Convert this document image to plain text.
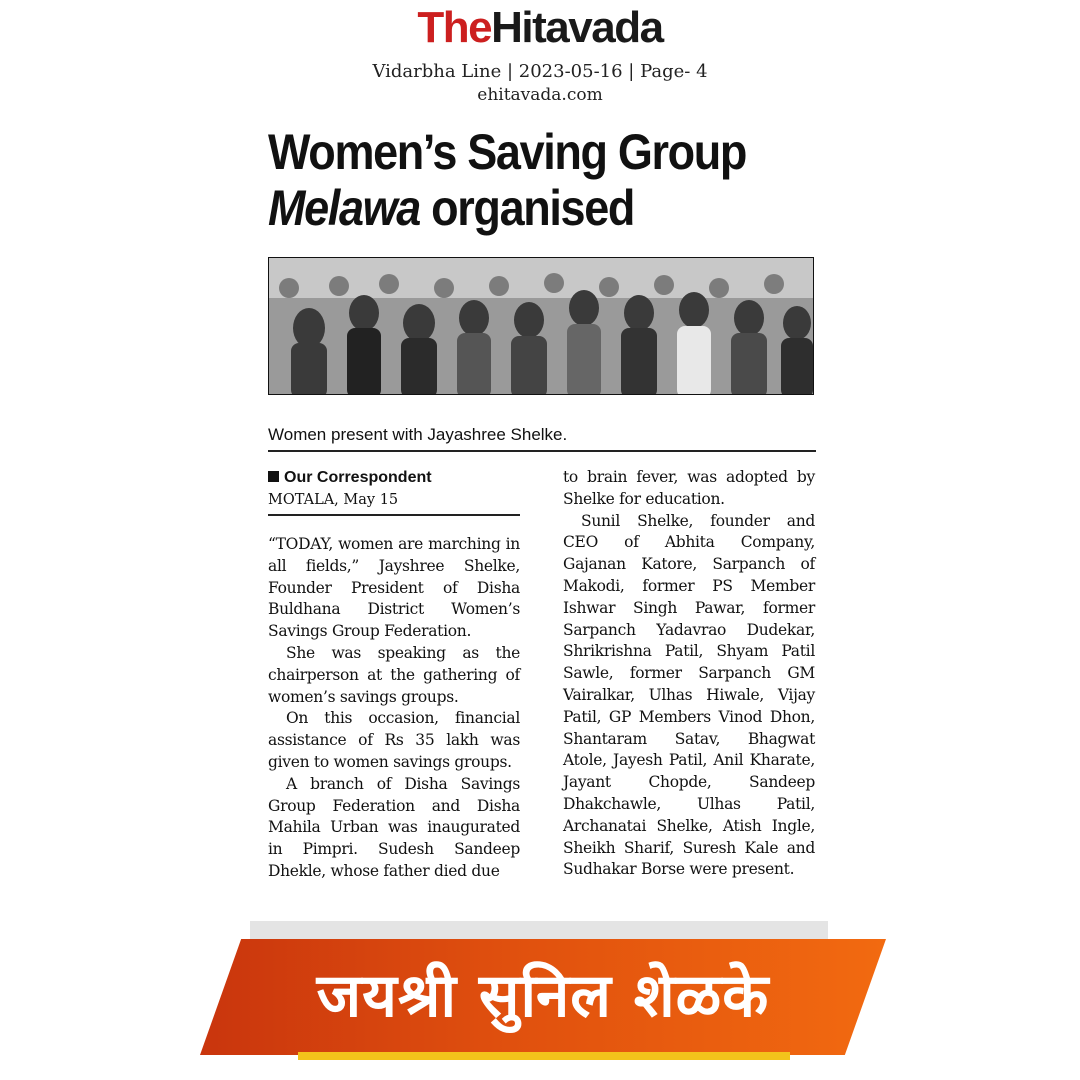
TheHitavada
Vidarbha Line | 2023-05-16 | Page- 4
ehitavada.com
Women’s Saving Group
Melawa organised
Women present with Jayashree Shelke.
Our Correspondent
MOTALA, May 15

“TODAY, women are marching in all fields,” Jayshree Shelke, Founder President of Disha Buldhana District Women’s Savings Group Federation.

She was speaking as the chairperson at the gathering of women’s savings groups.

On this occasion, financial assistance of Rs 35 lakh was given to women savings groups.

A branch of Disha Savings Group Federation and Disha Mahila Urban was inaugurated in Pimpri. Sudesh Sandeep Dhekle, whose father died due

to brain fever, was adopted by Shelke for education.

Sunil Shelke, founder and CEO of Abhita Company, Gajanan Katore, Sarpanch of Makodi, former PS Member Ishwar Singh Pawar, former Sarpanch Yadavrao Dudekar, Shrikrishna Patil, Shyam Patil Sawle, former Sarpanch GM Vairalkar, Ulhas Hiwale, Vijay Patil, GP Members Vinod Dhon, Shantaram Satav, Bhagwat Atole, Jayesh Patil, Anil Kharate, Jayant Chopde, Sandeep Dhakchawle, Ulhas Patil, Archanatai Shelke, Atish Ingle, Sheikh Sharif, Suresh Kale and Sudhakar Borse were present.

जयश्री सुनिल शेळके
